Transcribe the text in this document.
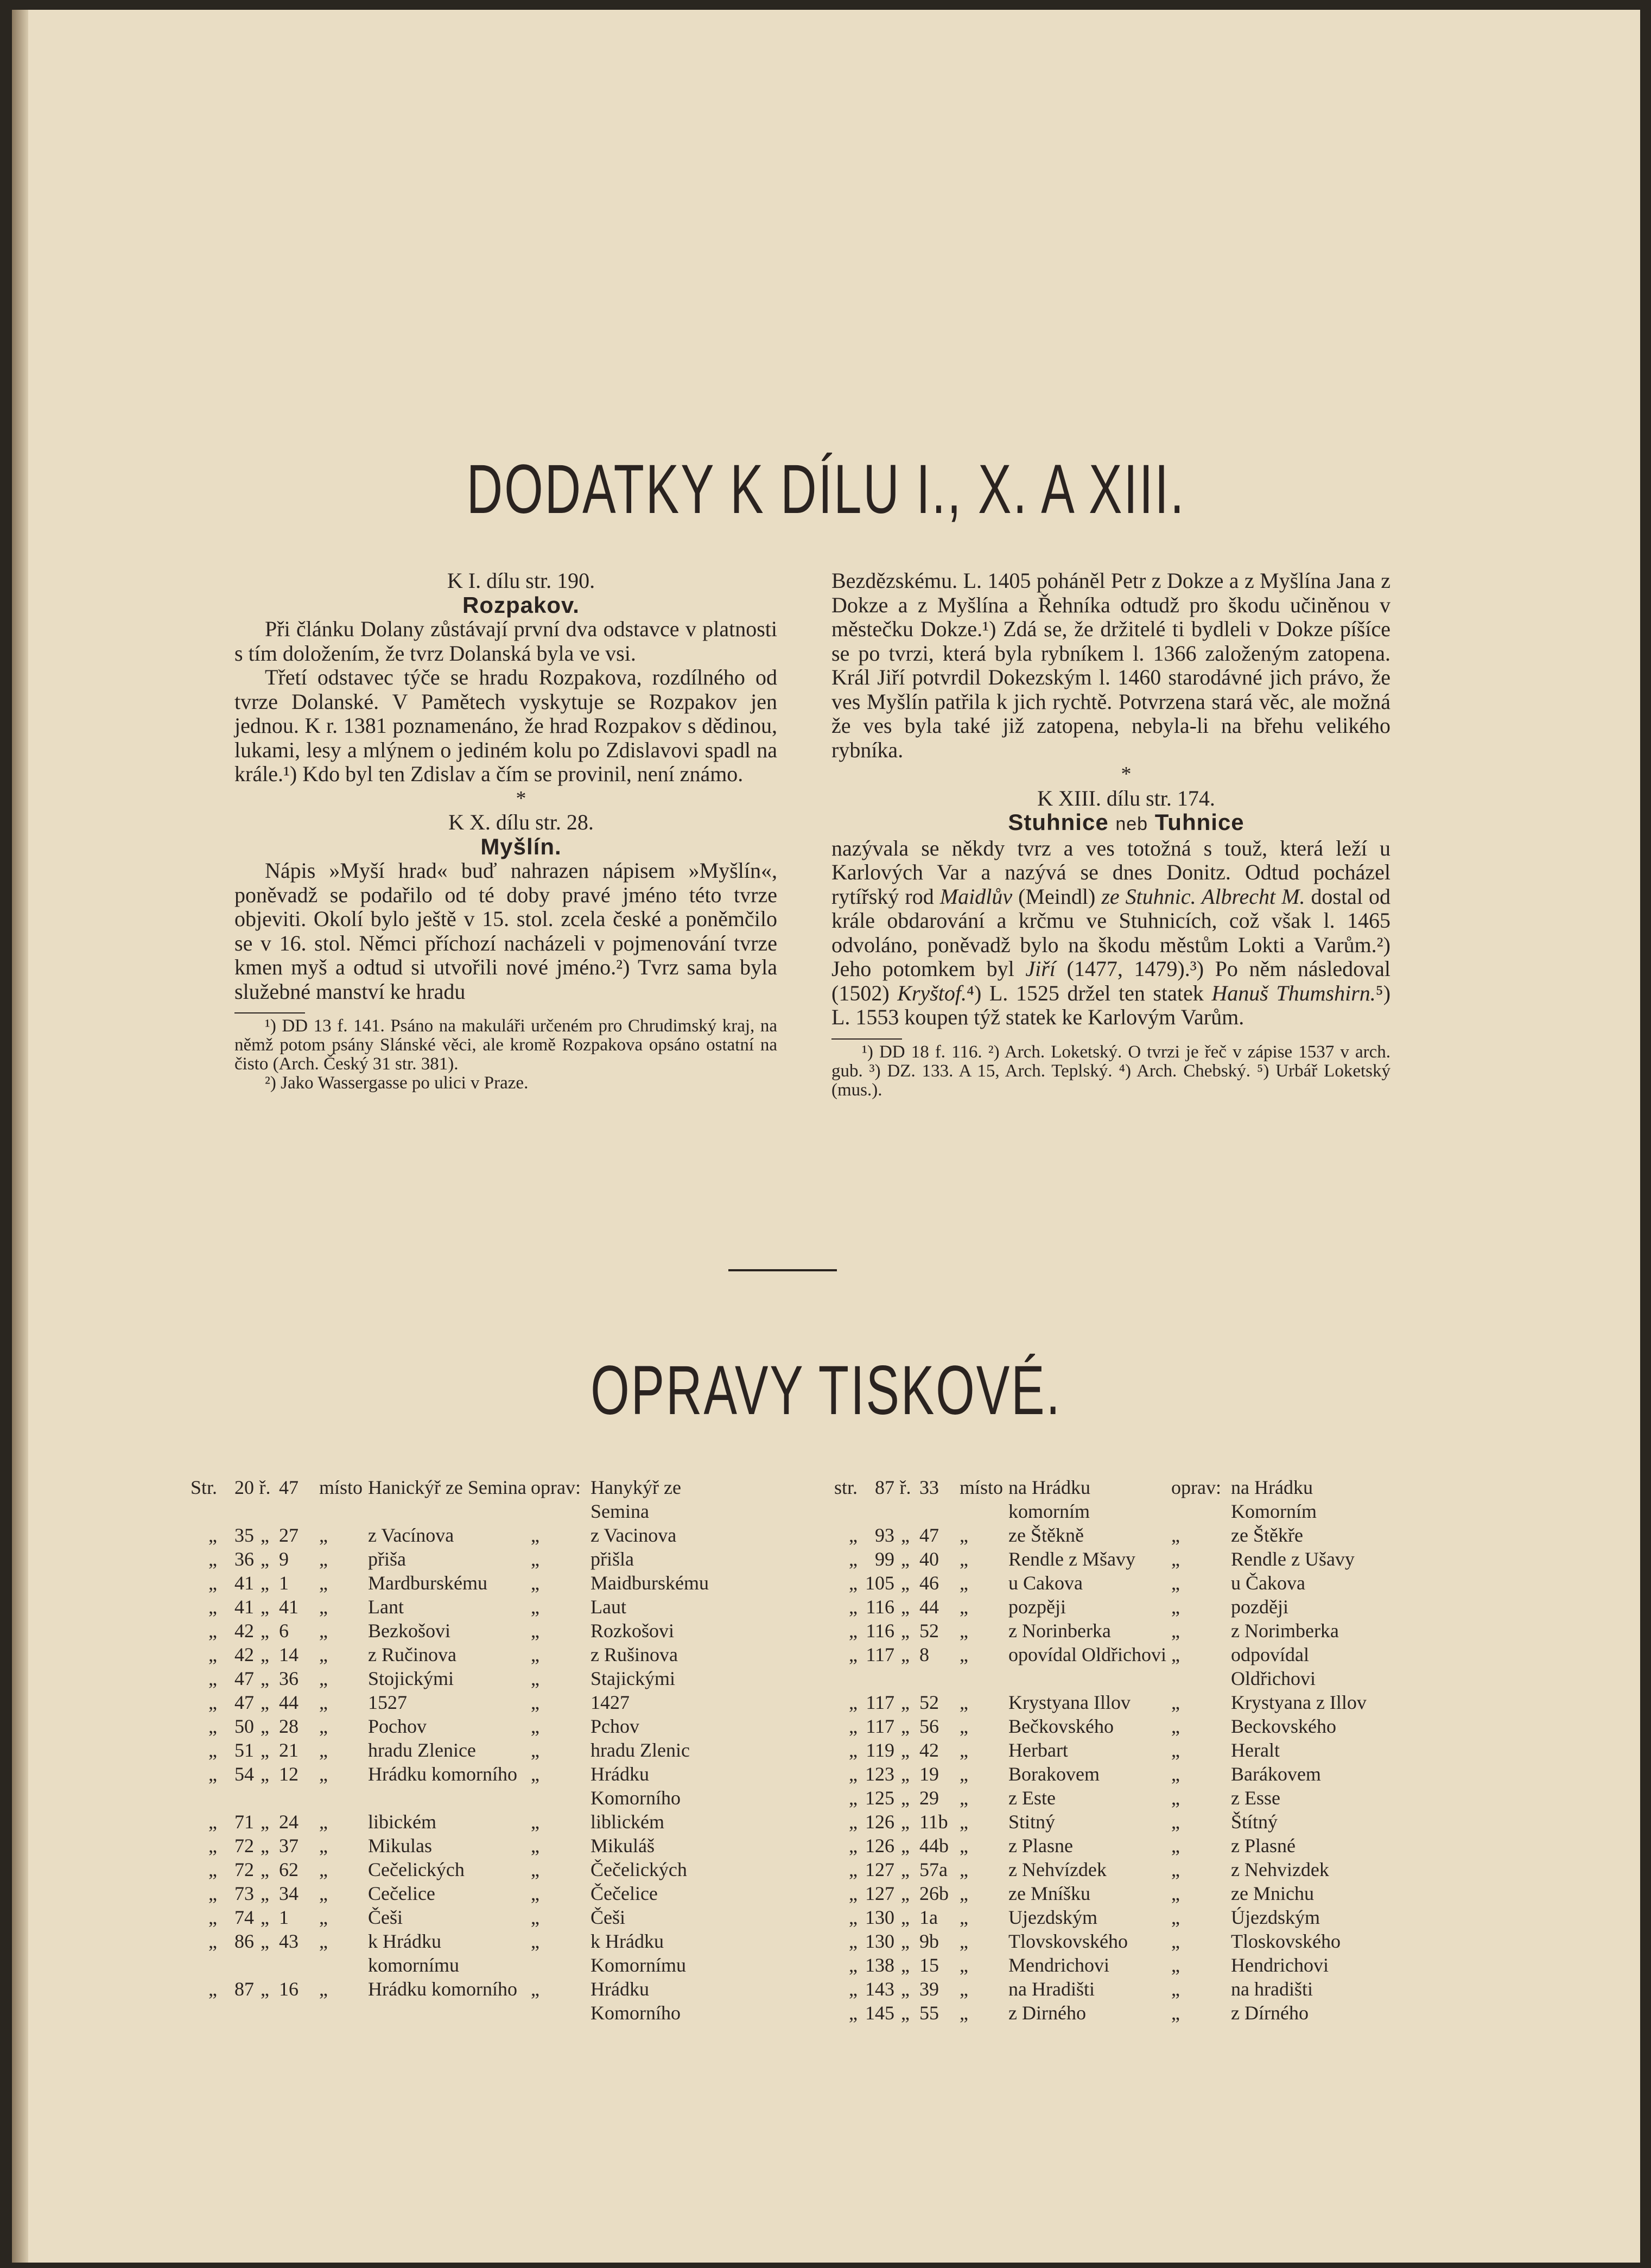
DODATKY K DÍLU I., X. A XIII.

K I. dílu str. 190.

Rozpakov.

Při článku Dolany zůstávají první dva odstavce v platnosti s tím doložením, že tvrz Dolanská byla ve vsi.

Třetí odstavec týče se hradu Rozpakova, rozdílného od tvrze Dolanské. V Pamětech vyskytuje se Rozpakov jen jednou. K r. 1381 poznamenáno, že hrad Rozpakov s dědinou, lukami, lesy a mlýnem o jediném kolu po Zdislavovi spadl na krále.¹) Kdo byl ten Zdislav a čím se provinil, není známo.

*

K X. dílu str. 28.

Myšlín.

Nápis »Myší hrad« buď nahrazen nápisem »Myšlín«, poněvadž se podařilo od té doby pravé jméno této tvrze objeviti. Okolí bylo ještě v 15. stol. zcela české a poněmčilo se v 16. stol. Němci příchozí nacházeli v pojmenování tvrze kmen myš a odtud si utvořili nové jméno.²) Tvrz sama byla služebné manství ke hradu

¹) DD 13 f. 141. Psáno na makuláři určeném pro Chrudimský kraj, na němž potom psány Slánské věci, ale kromě Rozpakova opsáno ostatní na čisto (Arch. Český 31 str. 381).

²) Jako Wassergasse po ulici v Praze.

Bezdězskému. L. 1405 poháněl Petr z Dokze a z Myšlína Jana z Dokze a z Myšlína a Řehníka odtudž pro škodu učiněnou v městečku Dokze.¹) Zdá se, že držitelé ti bydleli v Dokze píšíce se po tvrzi, která byla rybníkem l. 1366 založeným zatopena. Král Jiří potvrdil Dokezským l. 1460 starodávné jich právo, že ves Myšlín patřila k jich rychtě. Potvrzena stará věc, ale možná že ves byla také již zatopena, nebyla-li na břehu velikého rybníka.

*

K XIII. dílu str. 174.

Stuhnice neb Tuhnice

nazývala se někdy tvrz a ves totožná s touž, která leží u Karlových Var a nazývá se dnes Donitz. Odtud pocházel rytířský rod Maidlův (Meindl) ze Stuhnic. Albrecht M. dostal od krále obdarování a krčmu ve Stuhnicích, což však l. 1465 odvoláno, poněvadž bylo na škodu městům Lokti a Varům.²) Jeho potomkem byl Jiří (1477, 1479).³) Po něm následoval (1502) Kryštof.⁴) L. 1525 držel ten statek Hanuš Thumshirn.⁵) L. 1553 koupen týž statek ke Karlovým Varům.

¹) DD 18 f. 116. ²) Arch. Loketský. O tvrzi je řeč v zápise 1537 v arch. gub. ³) DZ. 133. A 15, Arch. Teplský. ⁴) Arch. Chebský. ⁵) Urbář Loketský (mus.).

OPRAVY TISKOVÉ.
Str.	20	ř.	47	místo	Hanickýř ze Semina	oprav:	Hanykýř ze Semina
„	35	„	27	„	z Vacínova	„	z Vacinova
„	36	„	9	„	přiša	„	přišla
„	41	„	1	„	Mardburskému	„	Maidburskému
„	41	„	41	„	Lant	„	Laut
„	42	„	6	„	Bezkošovi	„	Rozkošovi
„	42	„	14	„	z Ručinova	„	z Rušinova
„	47	„	36	„	Stojickými	„	Stajickými
„	47	„	44	„	1527	„	1427
„	50	„	28	„	Pochov	„	Pchov
„	51	„	21	„	hradu Zlenice	„	hradu Zlenic
„	54	„	12	„	Hrádku komorního	„	Hrádku Komorního
„	71	„	24	„	libickém	„	liblickém
„	72	„	37	„	Mikulas	„	Mikuláš
„	72	„	62	„	Cečelických	„	Čečelických
„	73	„	34	„	Cečelice	„	Čečelice
„	74	„	1	„	Češi	„	Češi
„	86	„	43	„	k Hrádku komornímu	„	k Hrádku Komornímu
„	87	„	16	„	Hrádku komorního	„	Hrádku Komorního
str.	87	ř.	33	místo	na Hrádku komorním	oprav:	na Hrádku Komorním
„	93	„	47	„	ze Štěkně	„	ze Štěkře
„	99	„	40	„	Rendle z Mšavy	„	Rendle z Ušavy
„	105	„	46	„	u Cakova	„	u Čakova
„	116	„	44	„	pozpěji	„	později
„	116	„	52	„	z Norinberka	„	z Norimberka
„	117	„	8	„	opovídal Oldřichovi	„	odpovídal Oldřichovi
„	117	„	52	„	Krystyana Illov	„	Krystyana z Illov
„	117	„	56	„	Bečkovského	„	Beckovského
„	119	„	42	„	Herbart	„	Heralt
„	123	„	19	„	Borakovem	„	Barákovem
„	125	„	29	„	z Este	„	z Esse
„	126	„	11b	„	Stitný	„	Štítný
„	126	„	44b	„	z Plasne	„	z Plasné
„	127	„	57a	„	z Nehvízdek	„	z Nehvizdek
„	127	„	26b	„	ze Mníšku	„	ze Mnichu
„	130	„	1a	„	Ujezdským	„	Újezdským
„	130	„	9b	„	Tlovskovského	„	Tloskovského
„	138	„	15	„	Mendrichovi	„	Hendrichovi
„	143	„	39	„	na Hradišti	„	na hradišti
„	145	„	55	„	z Dirného	„	z Dírného
